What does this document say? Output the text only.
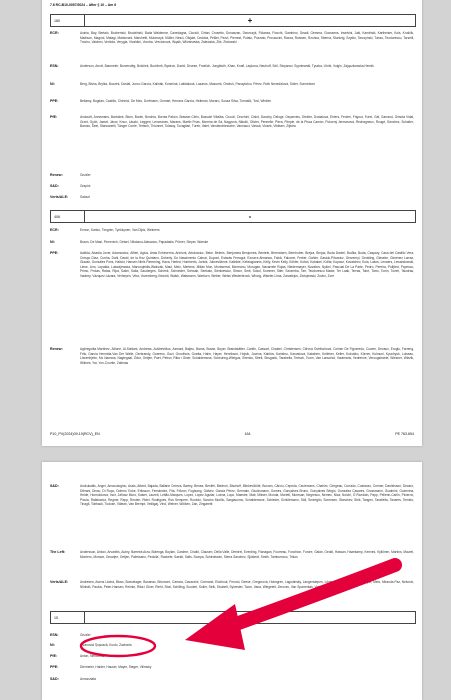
7.6 RC-B10-0057/2024 – After § 10 – Am 6
180	+
ECR:	Axinia, Bay, Bertaio, Bocheński, Brudziński, Buda Waldemar, Cavedagna, Ciccioli, Cirtan, Crosetto, Donazzan, Dworczyk, Fidanza, Fiocchi, Gambino, Geadi, Gemma, Goossens, Inselvini, Jaki, Kamiński, Kartheiser, Kols, Kruščik, Madison, Magoni, Malagi, Mantovani, Marchetti, Mularczyk, Müller, Nesci, Olsjakt, Ozdoba, Pellier, Pezzi, Pierrest, Polato, Pozzato, Procaccini, Razza, Ruissen, Rzońca, Sberna, Stuntzig, Szydło, Tarczyński, Tánzu, Teodorescu, Torselli, Trochu, Vaichev, Veritola, Verygia, Vivaldini, Vondra, Vrecionová, Wąsik, Wiśniewska, Zalewska, Zile, Zlotowski
ESN:	Anderson, Arndt, Baumeier, Borvendég, Bošíček, Buchheit, Bystron, David, Droese, Froelich, Jungbluth, Khan, Knafl, Laykova, Neuhoff, Sell, Stoyanov, Sypniewski, Tyszka, Uhrík, Volgin, Zajączkowska-Hernik
NI:	Berg, Bisha, Brylka, Buczek, Dostál, Junco García, Kalińák, Konečná, Laššáková, Lazarus, Mazurek, Ondruš, Panayiotou, Pérez, Roth Neveďalová, Solier, Sonneborn
PPE:	Bellamy, Bogdan, Castillo, Chinnici, De Meo, Dorfmann, Gomart, Herranz García, Heitman, Moraru, Sousa Silva, Tomašič, Tosi, Winkler
PfE:	Andouët, Annemans, Bartošek, Blom, Bonte, Borchia, Borrás Pabón, Brasser-Clein, Bussolé Villalba, Ciccoli, Cecchini, Cisint, Dauchy, Deloge, Deparvieu, Dieider, Dostalova, Ehlers, Fenieri, Frigout, Furet, Gál, Garraud, Grisota Vidal, Grzet, Györi, Jamet, Jávor, Knux, László, Leggeri, Lenceanec, Marans, Martin Frías, Moreira de Sá, Nagyová, Nikolić, Olivier, Pennelle, Piera, Pimpie, de la Pisca Camón, Pokorný Jermanová, Rechagneux, Rougé, Sánchez, Schaller-Baross, Šeel, Stancanelli, Tänger Corrie, Tertsch, Thionnet, Tolassy, Tovagliari, Turek, Valet, Vandendriessche, Vannacci, Varaut, Vicsek, Viktisen, Zijlstra
Renew:	Grudler
S&D:	Grapini
Verts/ALE:	Satouri
406	-
ECR:	Ennon, Kanko, Timgren, Tynkkynen, Van Dijck, Weimers
NI:	Braun, De Masi, Firmenich, Geisel, Nikolaou-Alavanos, Papadakis, Pürner, Sieper, Warnke
PPE:	Aalfola, Abadía Jover, Adamowicz, Alfieri, Agius, Arias Echeverría, Arimont, Artukowicz, Beke, Beleris, Benjumea Benjumea, Bentele, Berendsen, Bernhuber, Brejza, Brnjac, Buda Daniel, Buďka, Buda, Caspary, Casa del Castillo Vera, Crespo Díaz, Cunha, Dahl, David, de la Hoz Quintano, Doherty, Do Nascimento Cabral, Dupont, Estaràs Ferragut, Ezcurra Almansa, Falcă, Falcone, Ferber, Gahler, Gasiuk-Pihowicz, Gerzenryi, Geukling, Gieseke, Giménez Larraz, Glavak, González Pons, Halicki, Hansen Niels Flemming, Hava, Herbst, Humberto, Jorisik, Juknevičienė, Kalinkte, Kefalogiannis, Kelly, Kevin Kelly, Köhler, Kofod, Kokalari, Kollár, Kopacz, Kovatchev, Kula, Lakos, Lenaers, Lewandowski, Liese, Lins, Lopatka, Lukacijewska, Marcoujeldis-Walczak, Maul, Melo, Mertens, Millán Mon, Montserrat, Morreanu, Murugan, Navarrete Rojas, Niedermayer, Novakov, Nykiel, Pascual De La Parte, Pedro, Pereira, Polfjärd, Popescu, Primo, Protas, Ratas, Ripa, Salini, Salla, Sauderges, Schenk, Schneider, Schwab, Seekatz, Sienkiewicz, Simon, Smit, Sokol, Sommer, Stier, Szczerba, Tarr, Teodorescu Mawe, Ter Laak, Terras, Tobé, Tomc, Tonin, Toveri, Tsiodras, Vautrey, Vázquez Lázara, Verheyen, Vrba, Vozemberg-Vrionidi, Walsh, Walsmann, Warborn, Weber, Weiss Westerbrook, Winzig, Wiseler-Lima, Zarzalejos, Złotojewski, Zovko, Zver
Renew:	Agirregoitia Martínez, Allione, Al-Sahlani, Andrews, Auštrevičius, Azmani, Baljeu, Barna, Bosse, Boyer, Brandstätter, Canfin, Cassart, Chastel, Christensen, Cifrová Ostrihoňová, Colmer De Figueredo, Cowen, Devaux, Eroglu, Farreng, Friis, García Hermida-Van Der Walle, Gerbrandy, Goerens, Gozi, Groothuis, Guetta, Hahn, Hayer, Henrikson, Hojsík, Joveva, Kabilov, Karlsbro, Karvašová, Katainen, Kelleher, Keller, Koboško, Körner, Kulmuni, Kyuchyuk, Loiseau, Löwenhjelm, Mc Namara, Nagtegaal, Ódor, Oetjen, Paet, Petrov, Riba i Giner, Schaldemose, Scheuring-Wielgus, Sirenko, Streit, Strugariu, Tarabella, Tertsch, Toom, Van Lanschot, Vautmans, Vedrenne, Verougstraete, Wiesner, Wiezik, Wilmes, Yar, Yon-Courtin, Zalimas
P10_PV(2024)09-19(RCV)_EN	164	PE 763.654
S&D:	Andrukaitis, Angel, Arnaoutoglou, Assis, Attard, Bajada, Ballarin Cereza, Bartey, Benea, Benifei, Biedroń, Bischoff, Blinkevičiūtė, Borzan, Cărciu, Cepeda, Ceulemans, Chahim, Clergeau, Corrado, Costanzo, Cremer, Danielsson, Decaro, Dibrani, Dincu, Di Rupo, Dobrev, Ecke, Eriksson, Fernández, Fita, Fritzon, Fuglsang, Gálvez, García Pérez, Germain, Glucksmann, Gomes, Gonçalves Bruno, Gonçalves Sérgio, González Casares, Grossmann, Gualmini, Guzenina, Heide, Homolokova, Incir, Jáñosz Muro, Kaiser, Laureti, Leitão-Marques, Lopez, López Aguilar, Luena, Lupo, Maestre, Mair, Mikser, Monda, Moretti, Mureșan, Negrescu, Nemec, Nica, Noichl, Ó Ríordáin, Papp, Pellerin-Carlin, Picierno, Picula, Rafalowicz, Regner, Repp, Reuten, Ridel, Rodrigues, Ros Sempere, Ruotolo, Sancho Murillo, Sargiacomo, Schaldemose, Schieder, Schülemann, Sidl, Smeriglio, Sorensen, Stanchev, Strik, Tangen, Tarabella, Tavares, Temido, Tinagli, Tobback, Tudose, Vălean, Van Brempt, Vešligaj, Vind, Weiner, Wölken, Zan, Zingaretti
The Left:	Andersson, Antoci, Arvanitis, Aubry, Barreira Arza, Botenga, Boylan, Cardme, Chaibi, Clausen, Della Valle, Demirel, Everding, Flanagan, Fourreau, Funchion, Furore, Galán, Geddi, Hassan, Hazekamp, Kennes, Kyllönen, Martins, Maurel, Montero, Morace, Omarjee, Oetjen, Palmisano, Pedulla', Rackete, Saeidi, Salis, Scarpa, Schirdewan, Sierra Sánchez, Sjöstedt, Smith, Tamburrano, Trikos
Verts/ALE:	Andresen, Asens Llodrà, Bloss, Boeselager, Bosanac, Bricmont, Carrara, Cavazzini, Cormand, Eickhout, Freund, Geese, Gregorová, Holmgren, Lagodinsky, Langensiepen, Lövin, Marquardt, Matsen, Mayer, Metz, Miranda Paz, Nešović, Niinistö, Paulus, Peter-Hansen, Reinke, Riba i Giner, Rieht, Sbai, Schilling, Scuderi, Solier, Strik, Strubelt, Sylvester, Toom, Vana, Wiegeleit, Zerovec, Van Sparrentak, Vieira, Waitz
15	0
ESN:	Grudler
NI:	Iovanovici Şoşoacă, Kuolo, Zacharia
PfE:	Anton, Nerudová
PPE:	Diermeier, Haider, Hauser, Mayer, Steger, Vilimsky
S&D:	Annunziata
